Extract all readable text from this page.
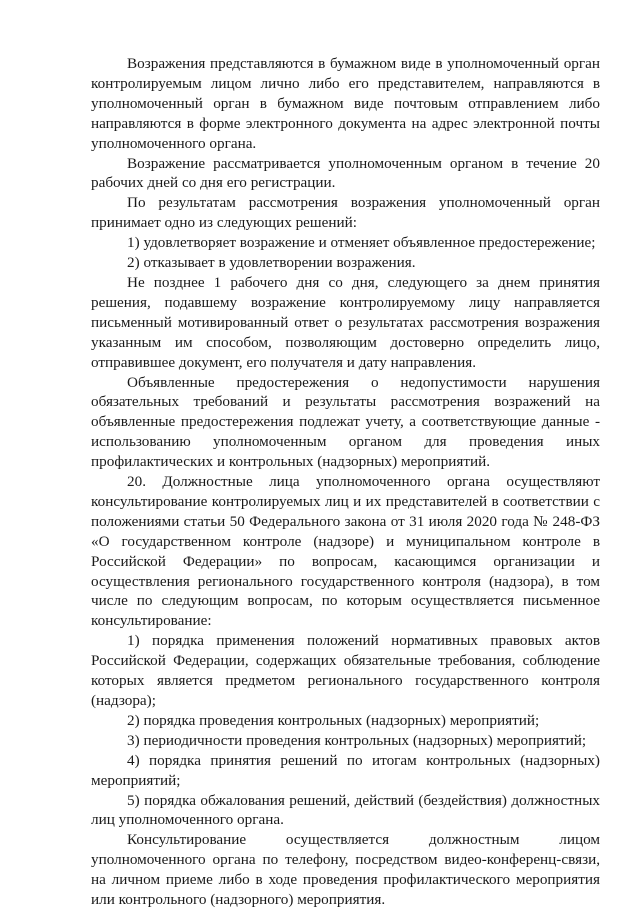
Возражения представляются в бумажном виде в уполномоченный орган контролируемым лицом лично либо его представителем, направляются в уполномоченный орган в бумажном виде почтовым отправлением либо направляются в форме электронного документа на адрес электронной почты уполномоченного органа.

Возражение рассматривается уполномоченным органом в течение 20 рабочих дней со дня его регистрации.

По результатам рассмотрения возражения уполномоченный орган принимает одно из следующих решений:

1) удовлетворяет возражение и отменяет объявленное предостережение;

2) отказывает в удовлетворении возражения.

Не позднее 1 рабочего дня со дня, следующего за днем принятия решения, подавшему возражение контролируемому лицу направляется письменный мотивированный ответ о результатах рассмотрения возражения указанным им способом, позволяющим достоверно определить лицо, отправившее документ, его получателя и дату направления.

Объявленные предостережения о недопустимости нарушения обязательных требований и результаты рассмотрения возражений на объявленные предостережения подлежат учету, а соответствующие данные - использованию уполномоченным органом для проведения иных профилактических и контрольных (надзорных) мероприятий.

20. Должностные лица уполномоченного органа осуществляют консультирование контролируемых лиц и их представителей в соответствии с положениями статьи 50 Федерального закона от 31 июля 2020 года № 248-ФЗ «О государственном контроле (надзоре) и муниципальном контроле в Российской Федерации» по вопросам, касающимся организации и осуществления регионального государственного контроля (надзора), в том числе по следующим вопросам, по которым осуществляется письменное консультирование:

1) порядка применения положений нормативных правовых актов Российской Федерации, содержащих обязательные требования, соблюдение которых является предметом регионального государственного контроля (надзора);

2) порядка проведения контрольных (надзорных) мероприятий;

3) периодичности проведения контрольных (надзорных) мероприятий;

4) порядка принятия решений по итогам контрольных (надзорных) мероприятий;

5) порядка обжалования решений, действий (бездействия) должностных лиц уполномоченного органа.

Консультирование осуществляется должностным лицом уполномоченного органа по телефону, посредством видео-конференц-связи, на личном приеме либо в ходе проведения профилактического мероприятия или контрольного (надзорного) мероприятия.
